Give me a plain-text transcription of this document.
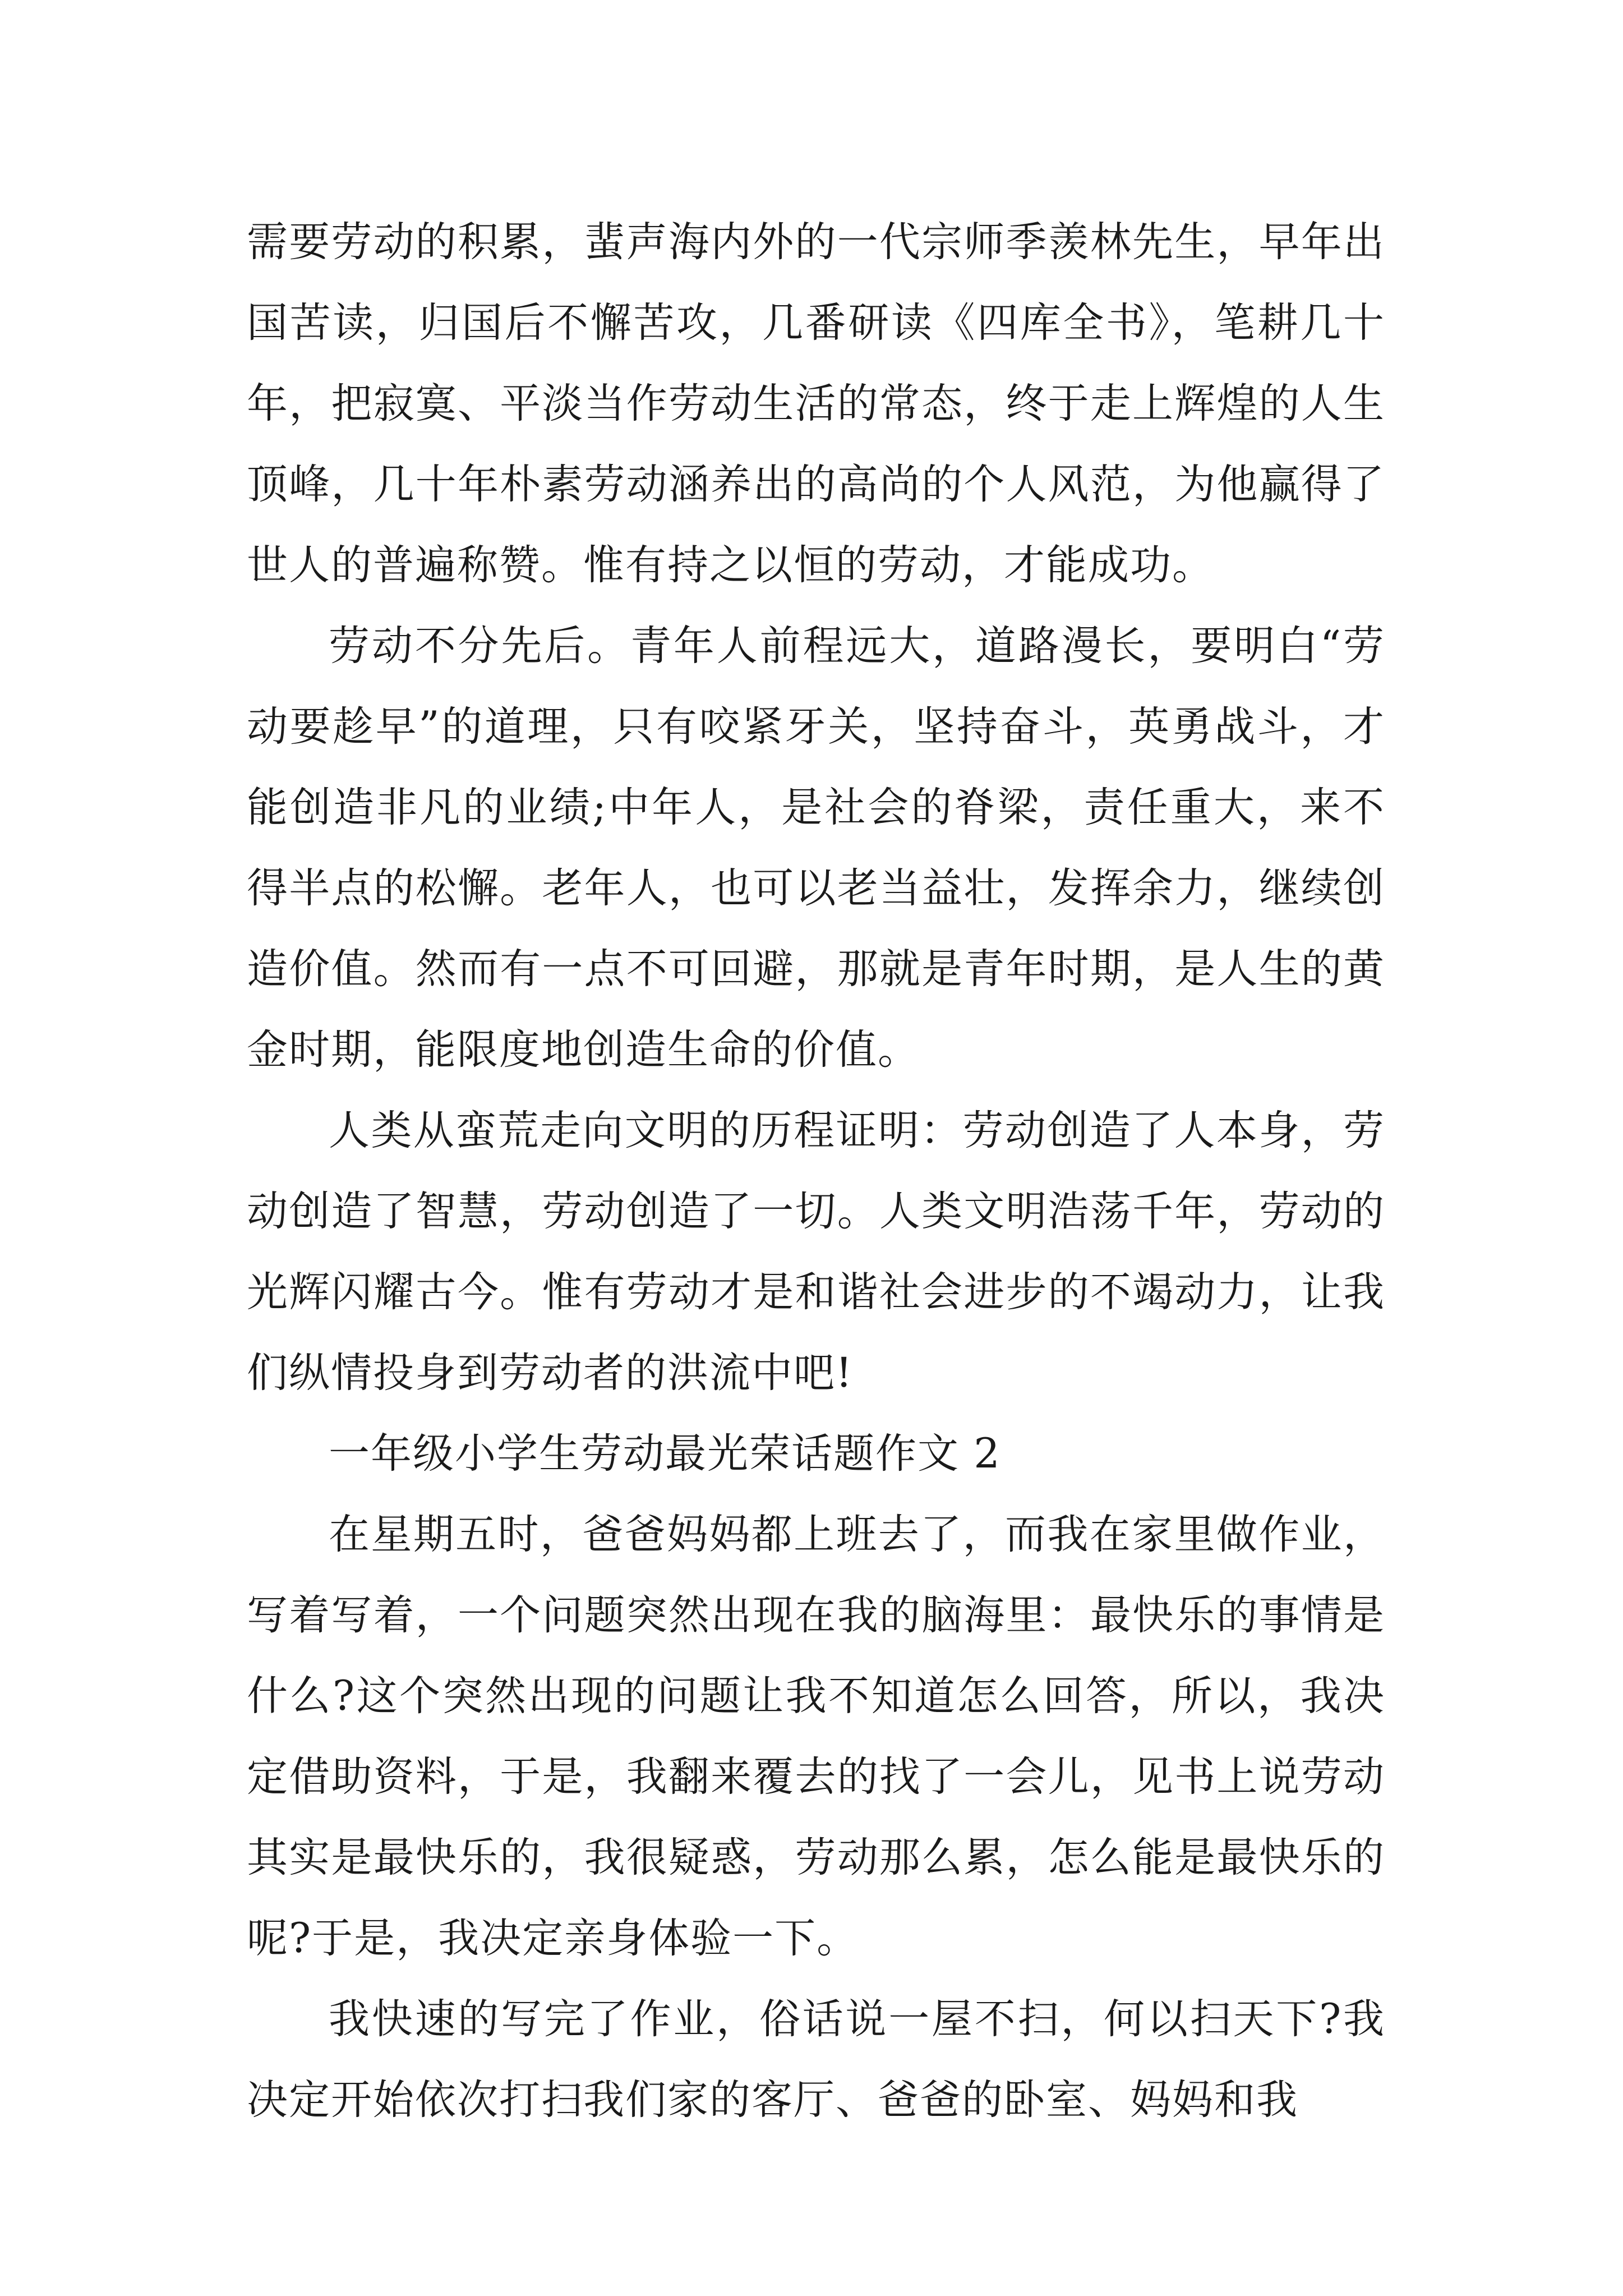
需要劳动的积累，蜚声海内外的一代宗师季羡林先生，早年出国苦读，归国后不懈苦攻，几番研读《四库全书》，笔耕几十年，把寂寞、平淡当作劳动生活的常态，终于走上辉煌的人生顶峰，几十年朴素劳动涵养出的高尚的个人风范，为他赢得了世人的普遍称赞。惟有持之以恒的劳动，才能成功。

劳动不分先后。青年人前程远大，道路漫长，要明白“劳动要趁早”的道理，只有咬紧牙关，坚持奋斗，英勇战斗，才能创造非凡的业绩;中年人，是社会的脊梁，责任重大，来不得半点的松懈。老年人，也可以老当益壮，发挥余力，继续创造价值。然而有一点不可回避，那就是青年时期，是人生的黄金时期，能限度地创造生命的价值。

人类从蛮荒走向文明的历程证明：劳动创造了人本身，劳动创造了智慧，劳动创造了一切。人类文明浩荡千年，劳动的光辉闪耀古今。惟有劳动才是和谐社会进步的不竭动力，让我们纵情投身到劳动者的洪流中吧!

一年级小学生劳动最光荣话题作文 2

在星期五时，爸爸妈妈都上班去了，而我在家里做作业，写着写着，一个问题突然出现在我的脑海里：最快乐的事情是什么?这个突然出现的问题让我不知道怎么回答，所以，我决定借助资料，于是，我翻来覆去的找了一会儿，见书上说劳动其实是最快乐的，我很疑惑，劳动那么累，怎么能是最快乐的呢?于是，我决定亲身体验一下。

我快速的写完了作业，俗话说一屋不扫，何以扫天下?我决定开始依次打扫我们家的客厅、爸爸的卧室、妈妈和我
